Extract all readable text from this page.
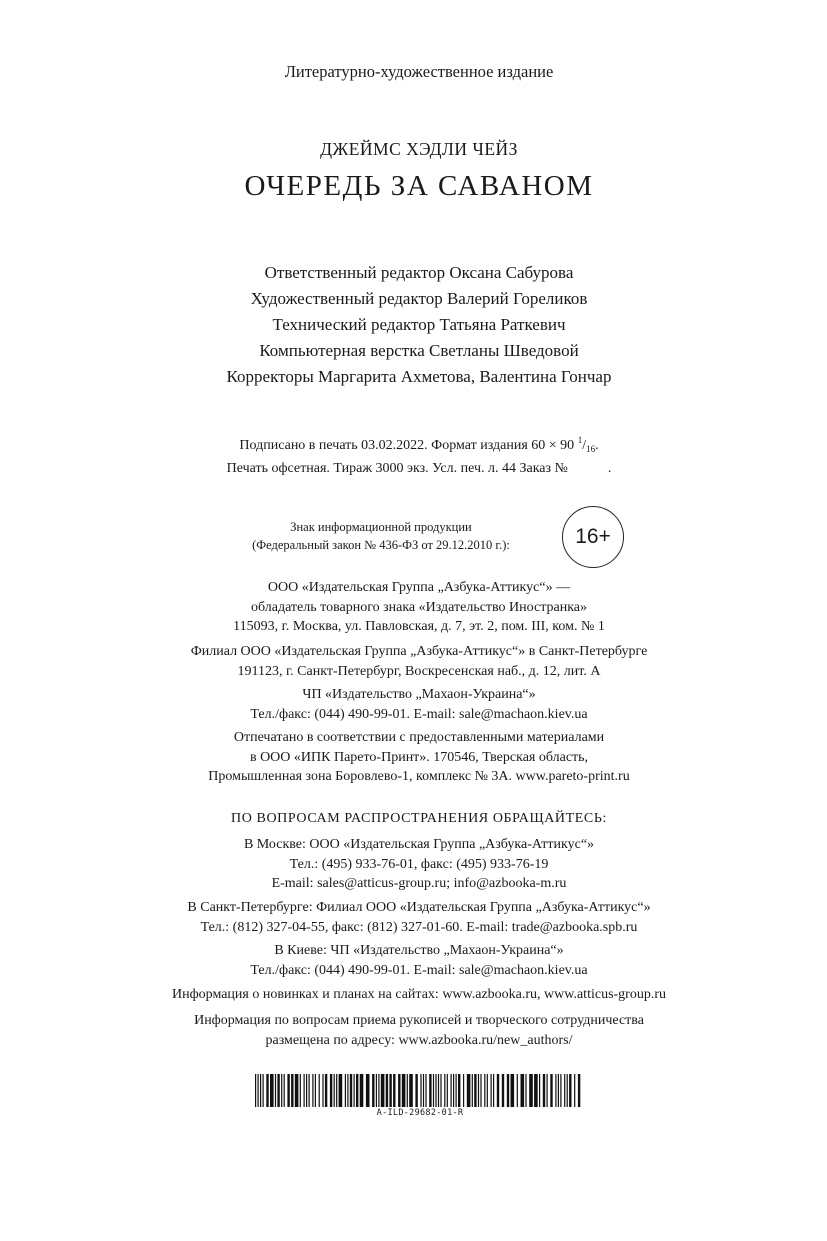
Литературно-художественное издание
ДЖЕЙМС ХЭДЛИ ЧЕЙЗ
ОЧЕРЕДЬ ЗА САВАНОМ
Ответственный редактор Оксана Сабурова
Художественный редактор Валерий Гореликов
Технический редактор Татьяна Раткевич
Компьютерная верстка Светланы Шведовой
Корректоры Маргарита Ахметова, Валентина Гончар
Подписано в печать 03.02.2022. Формат издания 60 × 90 $^1/_{16}$.
Печать офсетная. Тираж 3000 экз. Усл. печ. л. 44 Заказ №	.
Знак информационной продукции
(Федеральный закон № 436-ФЗ от 29.12.2010 г.):	16+
ООО «Издательская Группа „Азбука-Аттикус“» —
обладатель товарного знака «Издательство Иностранка»
115093, г. Москва, ул. Павловская, д. 7, эт. 2, пом. III, ком. № 1
Филиал ООО «Издательская Группа „Азбука-Аттикус“» в Санкт-Петербурге
191123, г. Санкт-Петербург, Воскресенская наб., д. 12, лит. А
ЧП «Издательство „Махаон-Украина“»
Тел./факс: (044) 490-99-01. E-mail: sale@machaon.kiev.ua
Отпечатано в соответствии с предоставленными материалами
в ООО «ИПК Парето-Принт». 170546, Тверская область,
Промышленная зона Боровлево-1, комплекс № 3А. www.pareto-print.ru
ПО ВОПРОСАМ РАСПРОСТРАНЕНИЯ ОБРАЩАЙТЕСЬ:
В Москве: ООО «Издательская Группа „Азбука-Аттикус“»
Тел.: (495) 933-76-01, факс: (495) 933-76-19
E-mail: sales@atticus-group.ru; info@azbooka-m.ru
В Санкт-Петербурге: Филиал ООО «Издательская Группа „Азбука-Аттикус“»
Тел.: (812) 327-04-55, факс: (812) 327-01-60. E-mail: trade@azbooka.spb.ru
В Киеве: ЧП «Издательство „Махаон-Украина“»
Тел./факс: (044) 490-99-01. E-mail: sale@machaon.kiev.ua
Информация о новинках и планах на сайтах: www.azbooka.ru, www.atticus-group.ru
Информация по вопросам приема рукописей и творческого сотрудничества
размещена по адресу: www.azbooka.ru/new_authors/
A-ILD-29682-01-R
